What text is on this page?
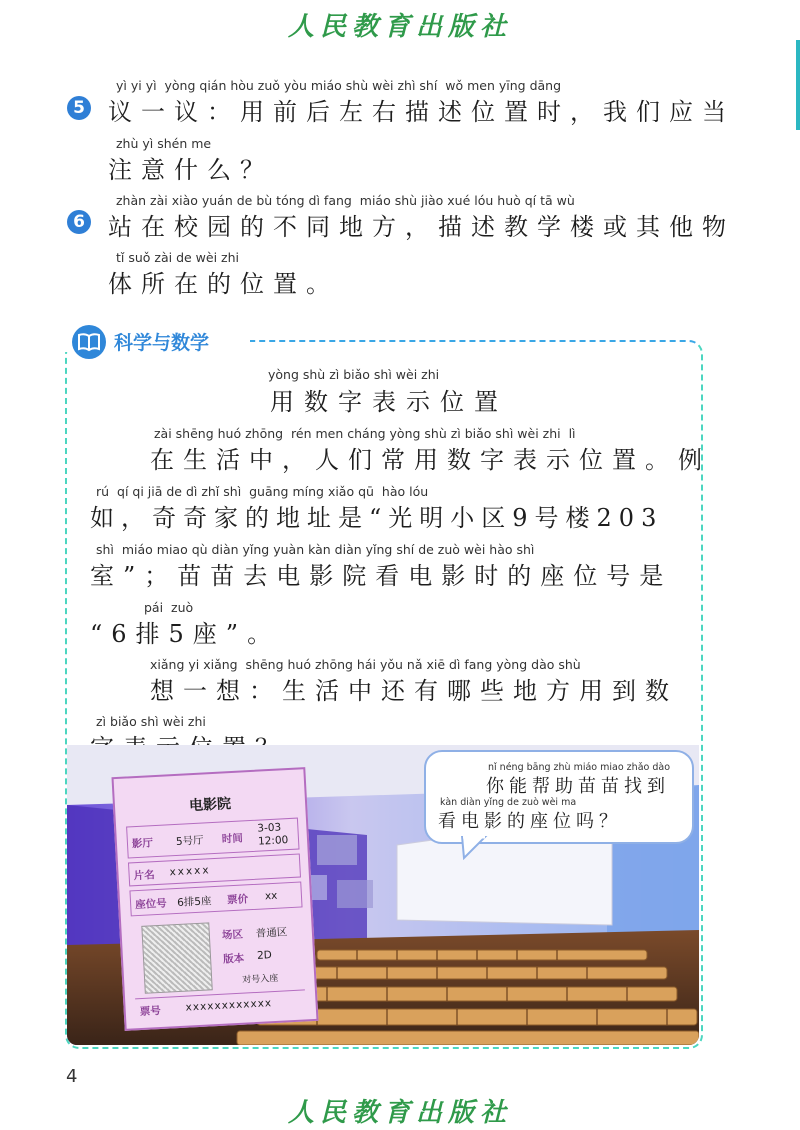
人民教育出版社
5
yì yi yì  yòng qián hòu zuǒ yòu miáo shù wèi zhì shí  wǒ men yīng dāng
议一议：用前后左右描述位置时，我们应当
zhù yì shén me
注意什么？
6
zhàn zài xiào yuán de bù tóng dì fang  miáo shù jiào xué lóu huò qí tā wù
站在校园的不同地方，描述教学楼或其他物
tǐ suǒ zài de wèi zhi
体所在的位置。
科学与数学
yòng shù zì biǎo shì wèi zhi
用数字表示位置
zài shēng huó zhōng  rén men cháng yòng shù zì biǎo shì wèi zhi  lì
在生活中，人们常用数字表示位置。例
rú  qí qi jiā de dì zhǐ shì  guāng míng xiǎo qū  hào lóu
如，奇奇家的地址是“光明小区9号楼203
shì  miáo miao qù diàn yǐng yuàn kàn diàn yǐng shí de zuò wèi hào shì
室”；苗苗去电影院看电影时的座位号是
pái  zuò
“6排5座”。
xiǎng yi xiǎng  shēng huó zhōng hái yǒu nǎ xiē dì fang yòng dào shù
想一想：生活中还有哪些地方用到数
zì biǎo shì wèi zhi
nǐ néng bāng zhù miáo miao zhǎo dào
你能帮助苗苗找到
kàn diàn yǐng de zuò wèi ma
看电影的座位吗？
电影院
影厅 5号厅 时间
3-03
12:00
片名 xxxxx
座位号 6排5座 票价 xx
场区 普通区
版本 2D
对号入座
票号 xxxxxxxxxxxx
4
人民教育出版社
